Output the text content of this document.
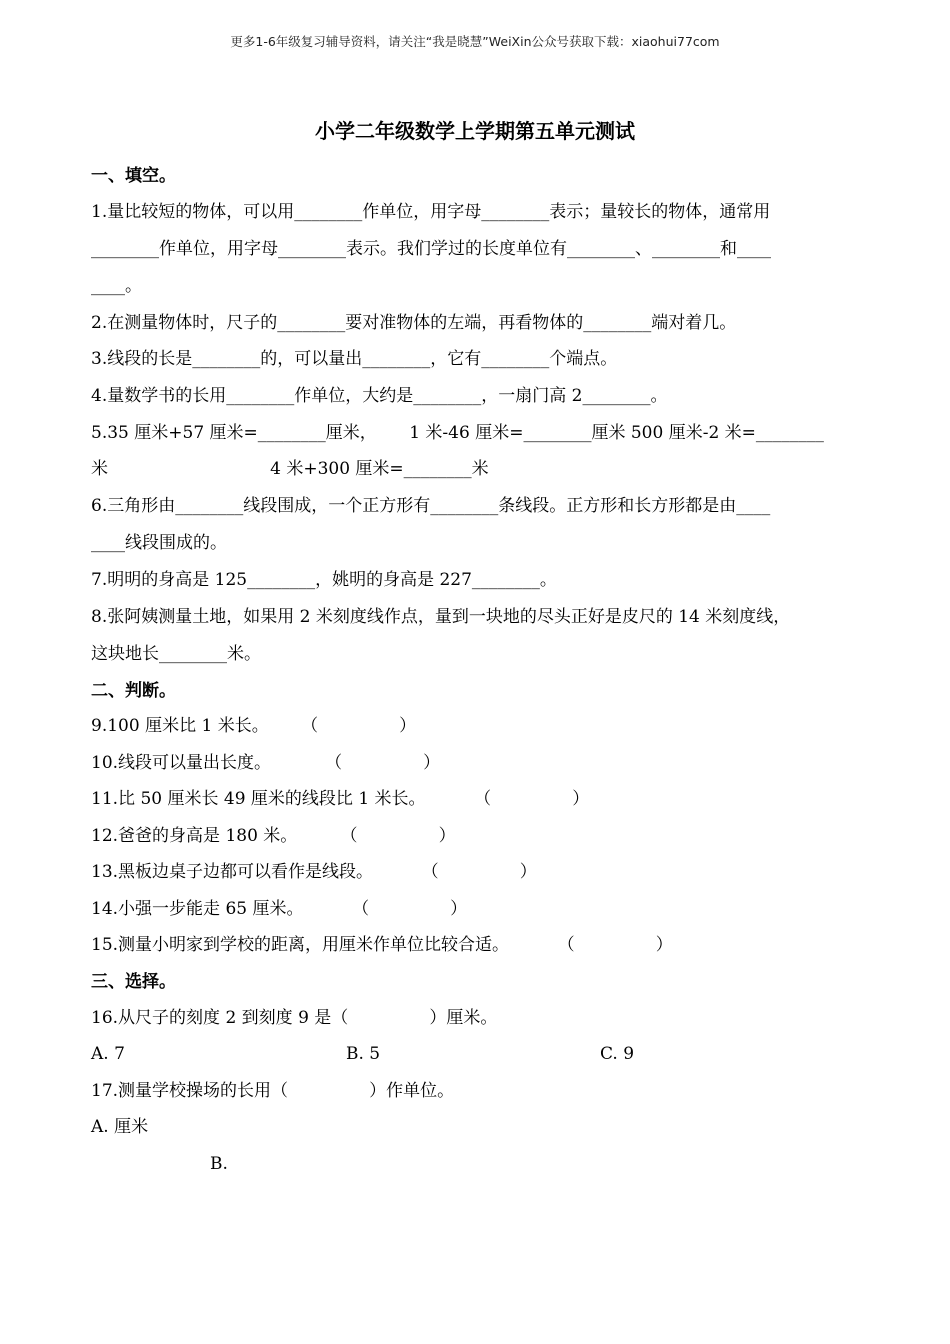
更多1-6年级复习辅导资料，请关注“我是晓慧”WeiXin公众号获取下载：xiaohui77com
小学二年级数学上学期第五单元测试
一、填空。
1.量比较短的物体，可以用________作单位，用字母________表示；量较长的物体，通常用
________作单位，用字母________表示。我们学过的长度单位有________、________和____
____。
2.在测量物体时，尺子的________要对准物体的左端，再看物体的________端对着几。
3.线段的长是________的，可以量出________，它有________个端点。
4.量数学书的长用________作单位，大约是________，一扇门高 2________。
5.35 厘米+57 厘米=________厘米，      1 米-46 厘米=________厘米 500 厘米-2 米=________
米                              4 米+300 厘米=________米
6.三角形由________线段围成，一个正方形有________条线段。正方形和长方形都是由____
____线段围成的。
7.明明的身高是 125________，姚明的身高是 227________。
8.张阿姨测量土地，如果用 2 米刻度线作点，量到一块地的尽头正好是皮尺的 14 米刻度线，
这块地长________米。
二、判断。
9.100 厘米比 1 米长。      （               ）
10.线段可以量出长度。          （               ）
11.比 50 厘米长 49 厘米的线段比 1 米长。         （               ）
12.爸爸的身高是 180 米。        （               ）
13.黑板边桌子边都可以看作是线段。         （               ）
14.小强一步能走 65 厘米。         （               ）
15.测量小明家到学校的距离，用厘米作单位比较合适。         （               ）
三、选择。
16.从尺子的刻度 2 到刻度 9 是（               ）厘米。
A. 7	B. 5	C. 9
17.测量学校操场的长用（               ）作单位。
A. 厘米
B.
